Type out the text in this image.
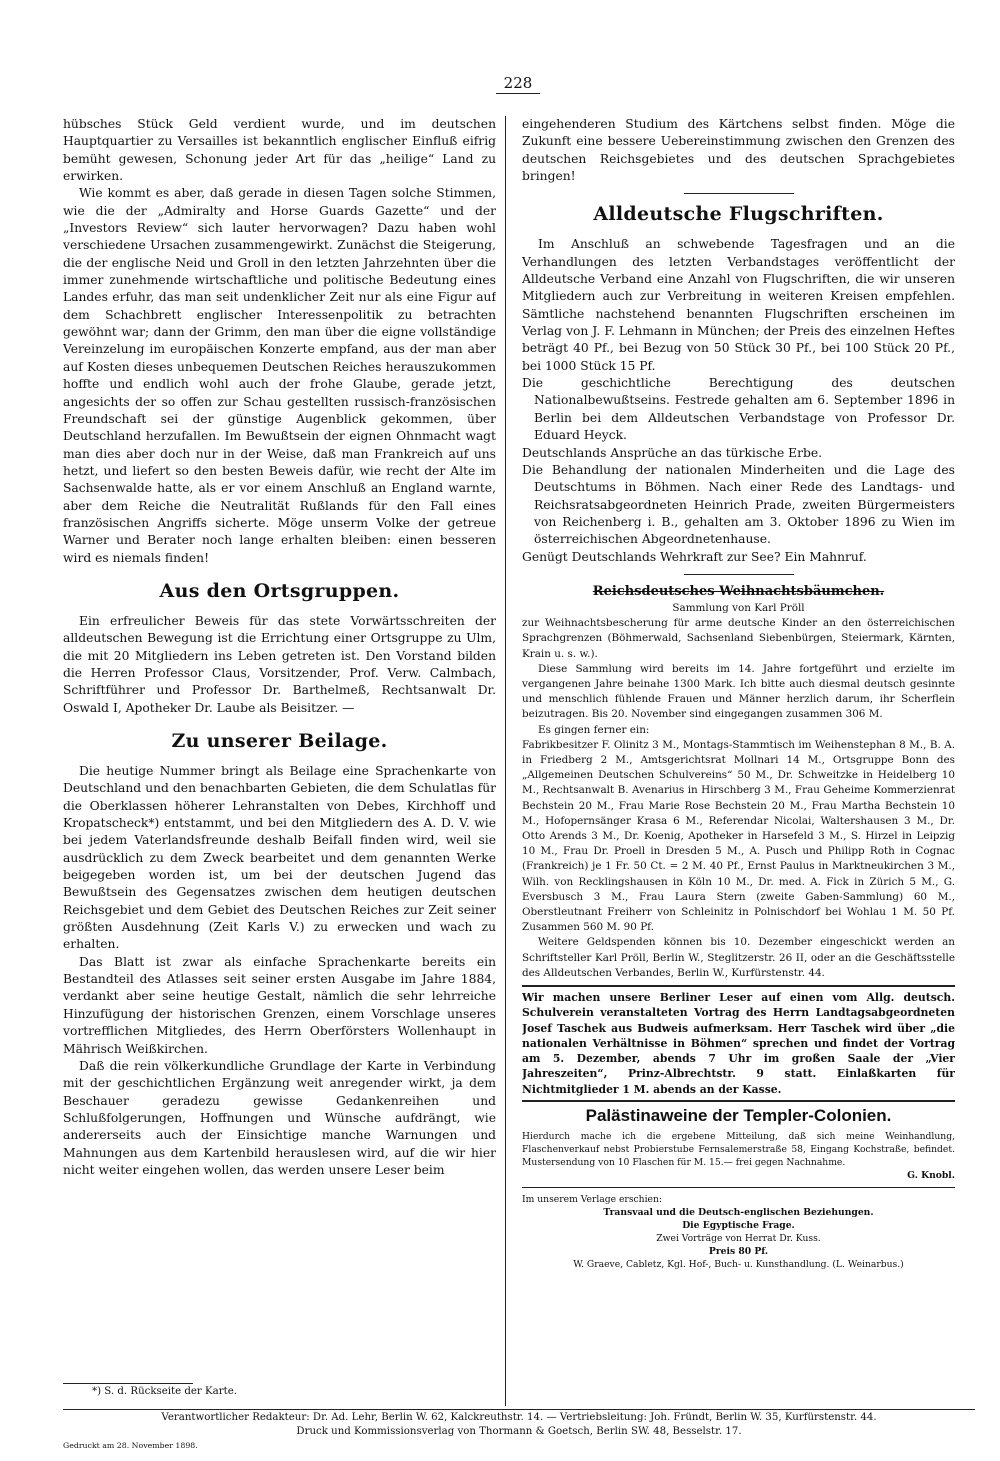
228

hübsches Stück Geld verdient wurde, und im deutschen Hauptquartier zu Versailles ist bekanntlich englischer Einfluß eifrig bemüht gewesen, Schonung jeder Art für das „heilige“ Land zu erwirken.

Wie kommt es aber, daß gerade in diesen Tagen solche Stimmen, wie die der „Admiralty and Horse Guards Gazette“ und der „Investors Review“ sich lauter hervorwagen? Dazu haben wohl verschiedene Ursachen zusammengewirkt. Zunächst die Steigerung, die der englische Neid und Groll in den letzten Jahrzehnten über die immer zunehmende wirtschaftliche und politische Bedeutung eines Landes erfuhr, das man seit undenklicher Zeit nur als eine Figur auf dem Schachbrett englischer Interessenpolitik zu betrachten gewöhnt war; dann der Grimm, den man über die eigne vollständige Vereinzelung im europäischen Konzerte empfand, aus der man aber auf Kosten dieses unbequemen Deutschen Reiches herauszukommen hoffte und endlich wohl auch der frohe Glaube, gerade jetzt, angesichts der so offen zur Schau gestellten russisch-französischen Freundschaft sei der günstige Augenblick gekommen, über Deutschland herzufallen. Im Bewußtsein der eignen Ohnmacht wagt man dies aber doch nur in der Weise, daß man Frankreich auf uns hetzt, und liefert so den besten Beweis dafür, wie recht der Alte im Sachsenwalde hatte, als er vor einem Anschluß an England warnte, aber dem Reiche die Neutralität Rußlands für den Fall eines französischen Angriffs sicherte. Möge unserm Volke der getreue Warner und Berater noch lange erhalten bleiben: einen besseren wird es niemals finden!

Aus den Ortsgruppen.

Ein erfreulicher Beweis für das stete Vorwärtsschreiten der alldeutschen Bewegung ist die Errichtung einer Ortsgruppe zu Ulm, die mit 20 Mitgliedern ins Leben getreten ist. Den Vorstand bilden die Herren Professor Claus, Vorsitzender, Prof. Verw. Calmbach, Schriftführer und Professor Dr. Barthelmeß, Rechtsanwalt Dr. Oswald I, Apotheker Dr. Laube als Beisitzer. —

Zu unserer Beilage.

Die heutige Nummer bringt als Beilage eine Sprachenkarte von Deutschland und den benachbarten Gebieten, die dem Schulatlas für die Oberklassen höherer Lehranstalten von Debes, Kirchhoff und Kropatscheck*) entstammt, und bei den Mitgliedern des A. D. V. wie bei jedem Vaterlandsfreunde deshalb Beifall finden wird, weil sie ausdrücklich zu dem Zweck bearbeitet und dem genannten Werke beigegeben worden ist, um bei der deutschen Jugend das Bewußtsein des Gegensatzes zwischen dem heutigen deutschen Reichsgebiet und dem Gebiet des Deutschen Reiches zur Zeit seiner größten Ausdehnung (Zeit Karls V.) zu erwecken und wach zu erhalten.

Das Blatt ist zwar als einfache Sprachenkarte bereits ein Bestandteil des Atlasses seit seiner ersten Ausgabe im Jahre 1884, verdankt aber seine heutige Gestalt, nämlich die sehr lehrreiche Hinzufügung der historischen Grenzen, einem Vorschlage unseres vortrefflichen Mitgliedes, des Herrn Oberförsters Wollenhaupt in Mährisch Weißkirchen.

Daß die rein völkerkundliche Grundlage der Karte in Verbindung mit der geschichtlichen Ergänzung weit anregender wirkt, ja dem Beschauer geradezu gewisse Gedankenreihen und Schlußfolgerungen, Hoffnungen und Wünsche aufdrängt, wie andererseits auch der Einsichtige manche Warnungen und Mahnungen aus dem Kartenbild herauslesen wird, auf die wir hier nicht weiter eingehen wollen, das werden unsere Leser beim

eingehenderen Studium des Kärtchens selbst finden. Möge die Zukunft eine bessere Uebereinstimmung zwischen den Grenzen des deutschen Reichsgebietes und des deutschen Sprachgebietes bringen!

Alldeutsche Flugschriften.

Im Anschluß an schwebende Tagesfragen und an die Verhandlungen des letzten Verbandstages veröffentlicht der Alldeutsche Verband eine Anzahl von Flugschriften, die wir unseren Mitgliedern auch zur Verbreitung in weiteren Kreisen empfehlen. Sämtliche nachstehend benannten Flugschriften erscheinen im Verlag von J. F. Lehmann in München; der Preis des einzelnen Heftes beträgt 40 Pf., bei Bezug von 50 Stück 30 Pf., bei 100 Stück 20 Pf., bei 1000 Stück 15 Pf.

Die geschichtliche Berechtigung des deutschen Nationalbewußtseins. Festrede gehalten am 6. September 1896 in Berlin bei dem Alldeutschen Verbandstage von Professor Dr. Eduard Heyck.

Deutschlands Ansprüche an das türkische Erbe.

Die Behandlung der nationalen Minderheiten und die Lage des Deutschtums in Böhmen. Nach einer Rede des Landtags- und Reichsratsabgeordneten Heinrich Prade, zweiten Bürgermeisters von Reichenberg i. B., gehalten am 3. Oktober 1896 zu Wien im österreichischen Abgeordnetenhause.

Genügt Deutschlands Wehrkraft zur See? Ein Mahnruf.

Reichsdeutsches Weihnachtsbäumchen.

Sammlung von Karl Pröll

zur Weihnachtsbescherung für arme deutsche Kinder an den österreichischen Sprachgrenzen (Böhmerwald, Sachsenland Siebenbürgen, Steiermark, Kärnten, Krain u. s. w.).

Diese Sammlung wird bereits im 14. Jahre fortgeführt und erzielte im vergangenen Jahre beinahe 1300 Mark. Ich bitte auch diesmal deutsch gesinnte und menschlich fühlende Frauen und Männer herzlich darum, ihr Scherflein beizutragen. Bis 20. November sind eingegangen zusammen 306 M.

Es gingen ferner ein:

Fabrikbesitzer F. Olinitz 3 M., Montags-Stammtisch im Weihenstephan 8 M., B. A. in Friedberg 2 M., Amtsgerichtsrat Mollnari 14 M., Ortsgruppe Bonn des „Allgemeinen Deutschen Schulvereins“ 50 M., Dr. Schweitzke in Heidelberg 10 M., Rechtsanwalt B. Avenarius in Hirschberg 3 M., Frau Geheime Kommerzienrat Bechstein 20 M., Frau Marie Rose Bechstein 20 M., Frau Martha Bechstein 10 M., Hofopernsänger Krasa 6 M., Referendar Nicolai, Waltershausen 3 M., Dr. Otto Arends 3 M., Dr. Koenig, Apotheker in Harsefeld 3 M., S. Hirzel in Leipzig 10 M., Frau Dr. Proell in Dresden 5 M., A. Pusch und Philipp Roth in Cognac (Frankreich) je 1 Fr. 50 Ct. = 2 M. 40 Pf., Ernst Paulus in Marktneukirchen 3 M., Wilh. von Recklingshausen in Köln 10 M., Dr. med. A. Fick in Zürich 5 M., G. Eversbusch 3 M., Frau Laura Stern (zweite Gaben-Sammlung) 60 M., Oberstleutnant Freiherr von Schleinitz in Polnischdorf bei Wohlau 1 M. 50 Pf. Zusammen 560 M. 90 Pf.

Weitere Geldspenden können bis 10. Dezember eingeschickt werden an Schriftsteller Karl Pröll, Berlin W., Steglitzerstr. 26 II, oder an die Geschäftsstelle des Alldeutschen Verbandes, Berlin W., Kurfürstenstr. 44.

Wir machen unsere Berliner Leser auf einen vom Allg. deutsch. Schulverein veranstalteten Vortrag des Herrn Landtagsabgeordneten Josef Taschek aus Budweis aufmerksam. Herr Taschek wird über „die nationalen Verhältnisse in Böhmen“ sprechen und findet der Vortrag am 5. Dezember, abends 7 Uhr im großen Saale der „Vier Jahreszeiten“, Prinz-Albrechtstr. 9 statt. Einlaßkarten für Nichtmitglieder 1 M. abends an der Kasse.

Palästinaweine der Templer-Colonien.

Hierdurch mache ich die ergebene Mitteilung, daß sich meine Weinhandlung, Flaschenverkauf nebst Probierstube Fernsalemerstraße 58, Eingang Kochstraße, befindet. Mustersendung von 10 Flaschen für M. 15.— frei gegen Nachnahme.

G. Knobl.

Im unserem Verlage erschien:

Transvaal und die Deutsch-englischen Beziehungen.

Die Egyptische Frage.

Zwei Vorträge von Herrat Dr. Kuss.

Preis 80 Pf.

W. Graeve, Cabletz, Kgl. Hof-, Buch- u. Kunsthandlung. (L. Weinarbus.)

*) S. d. Rückseite der Karte.
Verantwortlicher Redakteur: Dr. Ad. Lehr, Berlin W. 62, Kalckreuthstr. 14. — Vertriebsleitung: Joh. Fründt, Berlin W. 35, Kurfürstenstr. 44.
Druck und Kommissionsverlag von Thormann & Goetsch, Berlin SW. 48, Besselstr. 17.
Gedruckt am 28. November 1898.
